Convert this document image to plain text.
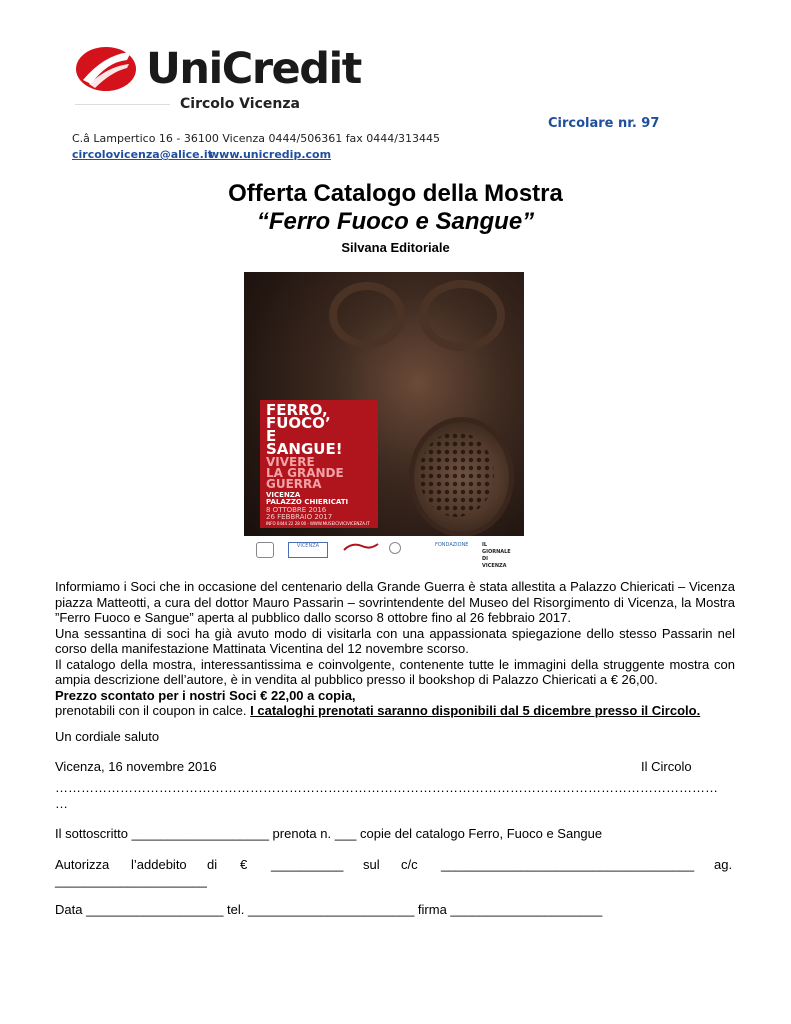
UniCredit
Circolo Vicenza
Circolare nr. 97
C.â Lampertico 16 - 36100 Vicenza 0444/506361 fax 0444/313445
circolovicenza@alice.it
www.unicredip.com
Offerta Catalogo della Mostra
“Ferro Fuoco e Sangue”
Silvana Editoriale
FERRO,
FUOCO’
E
SANGUE!
VIVERE
LA GRANDE
GUERRA
VICENZA
PALAZZO CHIERICATI
8 OTTOBRE 2016
26 FEBBRAIO 2017
INFO 0444 22 28 00 · WWW.MUSEICIVICIVICENZA.IT
VICENZA	FONDAZIONE	IL GIORNALE DI VICENZA

Informiamo i Soci che in occasione del centenario della Grande Guerra è stata allestita a Palazzo Chiericati – Vicenza piazza Matteotti, a cura del dottor Mauro Passarin – sovrintendente del Museo del Risorgimento di Vicenza, la Mostra ”Ferro Fuoco e Sangue” aperta al pubblico dallo scorso 8 ottobre fino al 26 febbraio 2017.

Una sessantina di soci ha già avuto modo di visitarla con una appassionata spiegazione dello stesso Passarin nel corso della manifestazione Mattinata Vicentina del 12 novembre scorso.

Il catalogo della mostra, interessantissima e coinvolgente, contenente tutte le immagini della struggente mostra con ampia descrizione dell’autore, è in vendita al pubblico presso il bookshop di Palazzo Chiericati a € 26,00.

Prezzo scontato per i nostri Soci € 22,00 a copia,

prenotabili con il coupon in calce. I cataloghi prenotati saranno disponibili dal 5 dicembre presso il Circolo.

Un cordiale saluto
Vicenza, 16 novembre 2016	Il Circolo
………………………………………………………………………………………………………………………………………
…
Il sottoscritto ___________________ prenota n. ___ copie del catalogo Ferro, Fuoco e Sangue
Autorizza l’addebito di € __________ sul c/c ___________________________________ ag.
_____________________
Data ___________________ tel. _______________________ firma _____________________
